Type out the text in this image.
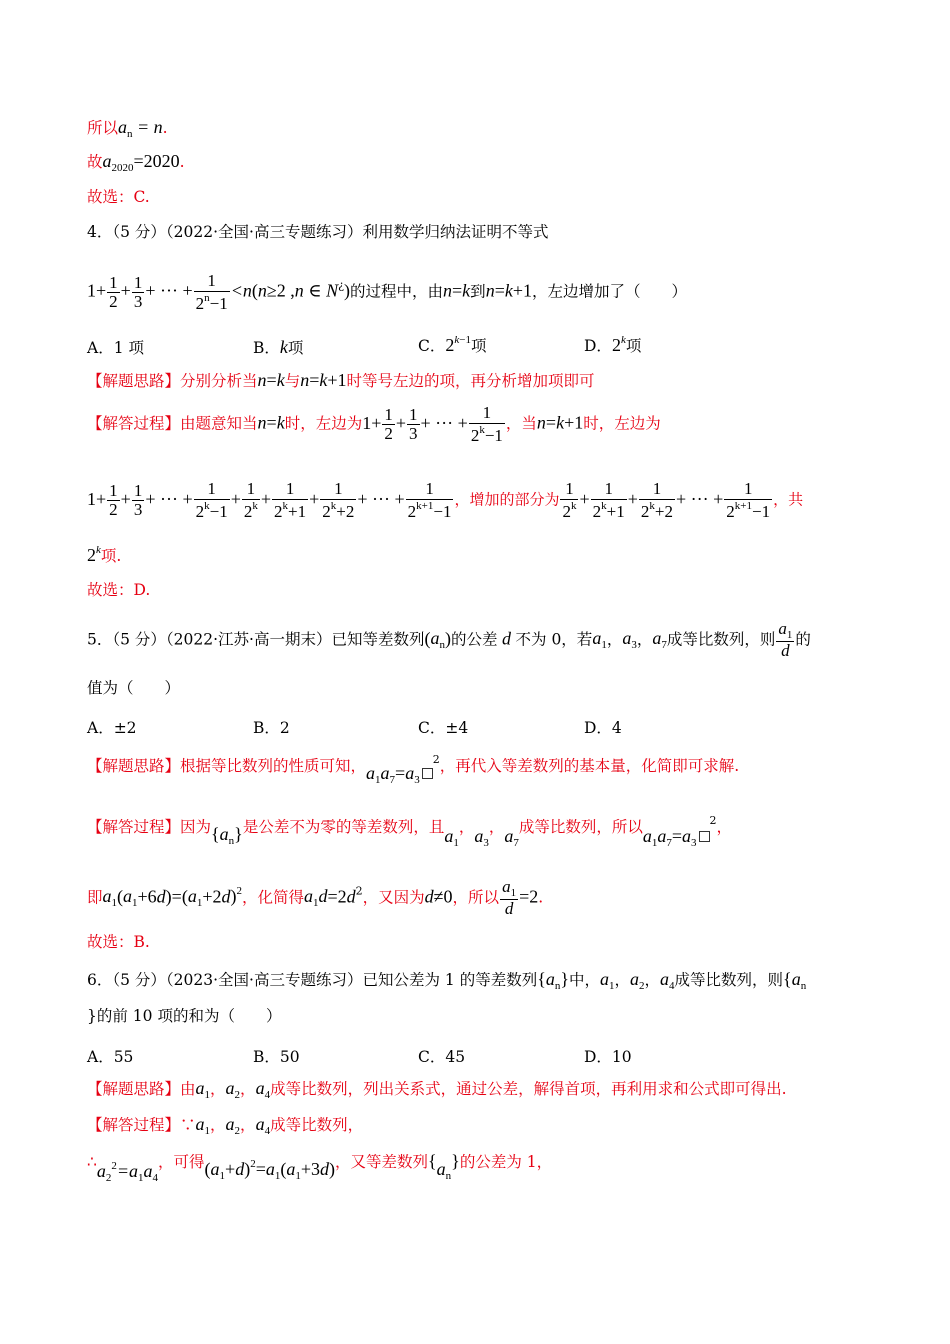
所以$a_n = n$.
故$a_{2020}=2020$.
故选：C.
4．（5 分）（2022·全国·高三专题练习）利用数学归纳法证明不等式
$1+ \frac{1}{2} + \frac{1}{3}$ + ··· + $\frac{1}{2^n-1} <n(n\ge 2$ ,n ∈ N¿)的过程中，由n=k到n=k+1，左边增加了（　　）
A．1 项	B．k项	C．$2^{k-1}$项	D．2$^k$项
【解题思路】分别分析当n=k与n=k+1时等号左边的项，再分析增加项即可
【解答过程】由题意知当n=k时，左边为$1+ \frac{1}{2} + \frac{1}{3}$ + ··· + $\frac{1}{2^k-1}$ ，当n=k+1时，左边为
$1+ \frac{1}{2} + \frac{1}{3}$ + ··· + $\frac{1}{2^k-1} + \frac{1}{2^k} + \frac{1}{2^k+1} + \frac{1}{2^k+2}$ + ··· + $\frac{1}{2^{k+1}-1}$ ，增加的部分为 $\frac{1}{2^k} + \frac{1}{2^k+1} + \frac{1}{2^k+2}$ + ··· + $\frac{1}{2^{k+1}-1}$ ，共
2$^k$项.
故选：D.
5．（5 分）（2022·江苏·高一期末）已知等差数列$(a_n)$的公差 d 不为 0，若$a_1$，$a_3$，$a_7$成等比数列，则 $\frac{a_1}{d}$ 的
值为（　　）
A．±2	B．2	C．±4	D．4
【解题思路】根据等比数列的性质可知，$a_1a_7=a_3^2$，再代入等差数列的基本量，化简即可求解.
【解答过程】因为$\{a_n\}$是公差不为零的等差数列，且$a_1$，$a_3$，$a_7$成等比数列，所以$a_1a_7=a_3^2$，
即$a_1(a_1+6d)=(a_1+2d)^2$，化简得$a_1d=2d^2$，又因为d≠0，所以 $\frac{a_1}{d} =2$.
故选：B.
6．（5 分）（2023·全国·高三专题练习）已知公差为 1 的等差数列$\{a_n\}$中，$a_1$，$a_2$，$a_4$成等比数列，则{$a_n$
}的前 10 项的和为（　　）
A．55	B．50	C．45	D．10
【解题思路】由$a_1$，$a_2$，$a_4$成等比数列，列出关系式，通过公差，解得首项，再利用求和公式即可得出.
【解答过程】$\because a_1$，$a_2$，$a_4$成等比数列，
$\therefore a_2^2=a_1a_4$，可得$(a_1+d)^2=a_1(a_1+3d)$，又等差数列$\{a_n\}$的公差为 1，
